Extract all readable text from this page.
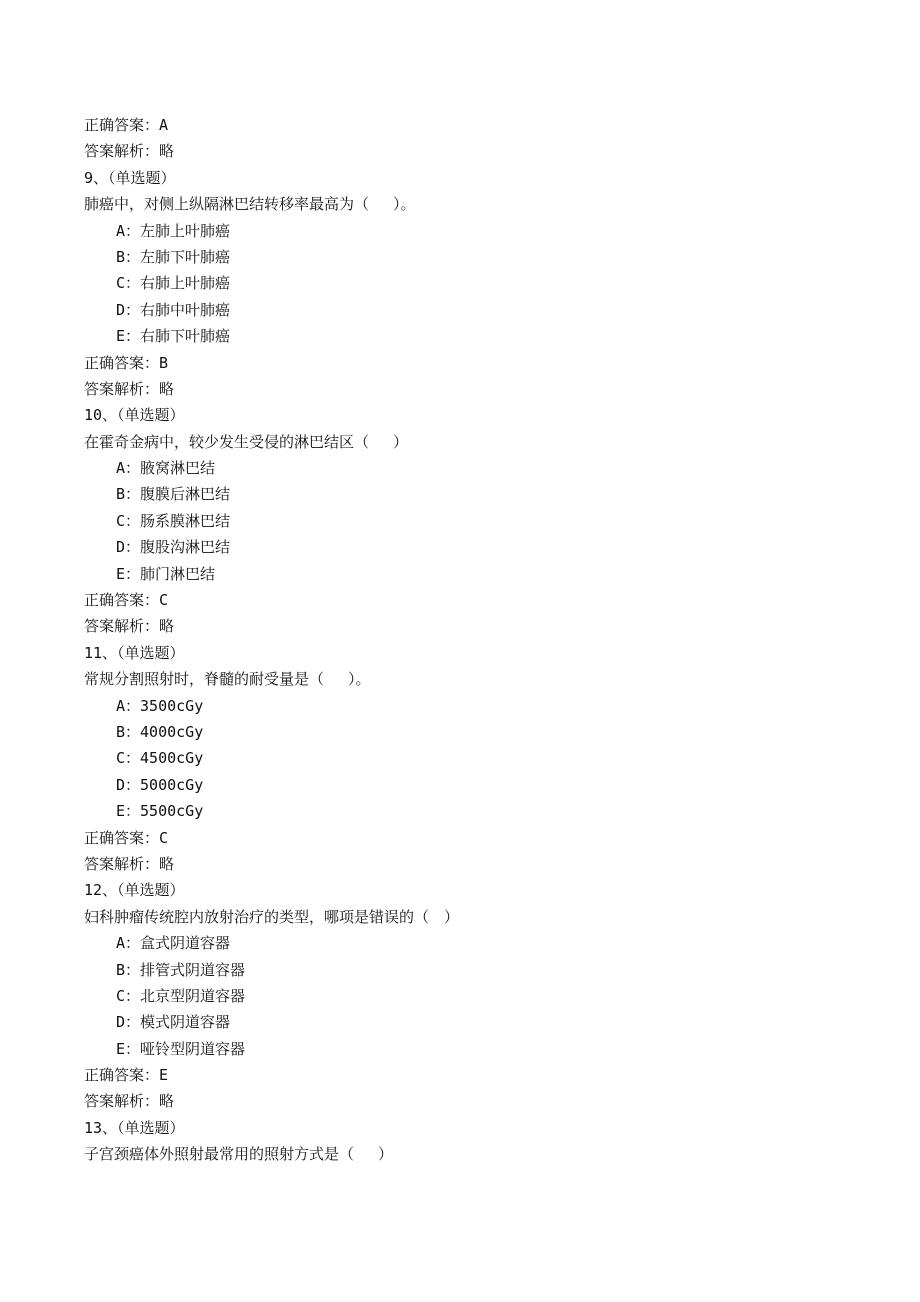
正确答案：A
答案解析：略
9、（单选题）
肺癌中，对侧上纵隔淋巴结转移率最高为（　 ）。
A：左肺上叶肺癌
B：左肺下叶肺癌
C：右肺上叶肺癌
D：右肺中叶肺癌
E：右肺下叶肺癌
正确答案：B
答案解析：略
10、（单选题）
在霍奇金病中，较少发生受侵的淋巴结区（　 ）
A：腋窝淋巴结
B：腹膜后淋巴结
C：肠系膜淋巴结
D：腹股沟淋巴结
E：肺门淋巴结
正确答案：C
答案解析：略
11、（单选题）
常规分割照射时，脊髓的耐受量是（　 ）。
A：3500cGy
B：4000cGy
C：4500cGy
D：5000cGy
E：5500cGy
正确答案：C
答案解析：略
12、（单选题）
妇科肿瘤传统腔内放射治疗的类型，哪项是错误的（　）
A：盒式阴道容器
B：排管式阴道容器
C：北京型阴道容器
D：模式阴道容器
E：哑铃型阴道容器
正确答案：E
答案解析：略
13、（单选题）
子宫颈癌体外照射最常用的照射方式是（　 ）
